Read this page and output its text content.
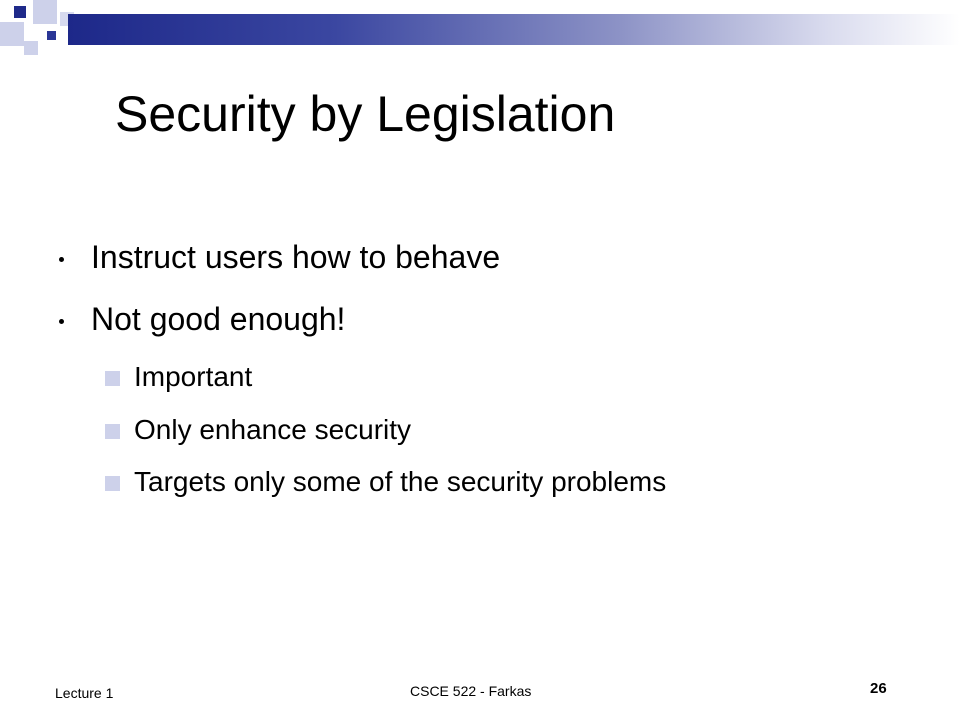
Security by Legislation
Instruct users how to behave
Not good enough!
Important
Only enhance security
Targets only some of the security problems
Lecture 1	CSCE 522 - Farkas	26
